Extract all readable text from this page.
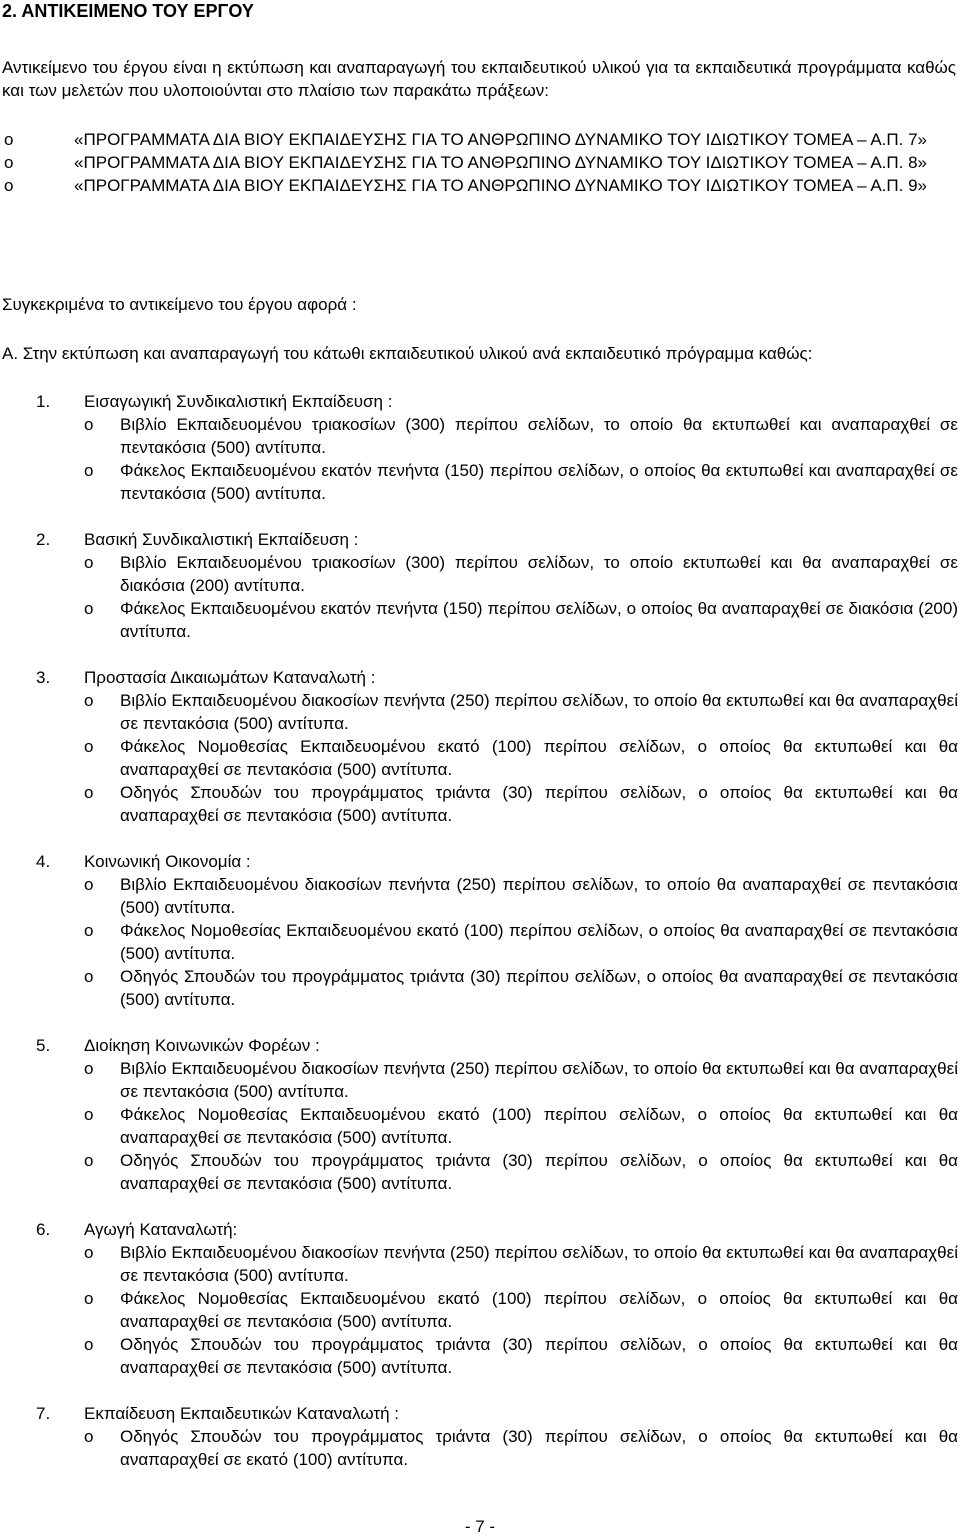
2. ΑΝΤΙΚΕΙΜΕΝΟ ΤΟΥ ΕΡΓΟΥ
Αντικείμενο του έργου είναι η εκτύπωση και αναπαραγωγή του εκπαιδευτικού υλικού για τα εκπαιδευτικά προγράμματα καθώς και των μελετών που υλοποιούνται στο πλαίσιο των παρακάτω πράξεων:
o	«ΠΡΟΓΡΑΜΜΑΤΑ ΔΙΑ ΒΙΟΥ ΕΚΠΑΙΔΕΥΣΗΣ ΓΙΑ ΤΟ ΑΝΘΡΩΠΙΝΟ ΔΥΝΑΜΙΚΟ ΤΟΥ ΙΔΙΩΤΙΚΟΥ ΤΟΜΕΑ – Α.Π. 7»
o	«ΠΡΟΓΡΑΜΜΑΤΑ ΔΙΑ ΒΙΟΥ ΕΚΠΑΙΔΕΥΣΗΣ ΓΙΑ ΤΟ ΑΝΘΡΩΠΙΝΟ ΔΥΝΑΜΙΚΟ ΤΟΥ ΙΔΙΩΤΙΚΟΥ ΤΟΜΕΑ – Α.Π. 8»
o	«ΠΡΟΓΡΑΜΜΑΤΑ ΔΙΑ ΒΙΟΥ ΕΚΠΑΙΔΕΥΣΗΣ ΓΙΑ ΤΟ ΑΝΘΡΩΠΙΝΟ ΔΥΝΑΜΙΚΟ ΤΟΥ ΙΔΙΩΤΙΚΟΥ ΤΟΜΕΑ – Α.Π. 9»
Συγκεκριμένα το αντικείμενο του έργου αφορά :
Α. Στην εκτύπωση και αναπαραγωγή του κάτωθι εκπαιδευτικού υλικού ανά εκπαιδευτικό πρόγραμμα καθώς:
1.	Εισαγωγική Συνδικαλιστική Εκπαίδευση :
o	Βιβλίο Εκπαιδευομένου τριακοσίων (300) περίπου σελίδων, το οποίο θα εκτυπωθεί και αναπαραχθεί σε πεντακόσια (500) αντίτυπα.
o	Φάκελος Εκπαιδευομένου εκατόν πενήντα (150) περίπου σελίδων, ο οποίος θα εκτυπωθεί και αναπαραχθεί σε πεντακόσια (500) αντίτυπα.
2.	Βασική Συνδικαλιστική Εκπαίδευση :
o	Βιβλίο Εκπαιδευομένου τριακοσίων (300) περίπου σελίδων, το οποίο εκτυπωθεί και θα αναπαραχθεί σε διακόσια (200) αντίτυπα.
o	Φάκελος Εκπαιδευομένου εκατόν πενήντα (150) περίπου σελίδων, ο οποίος θα αναπαραχθεί σε διακόσια (200) αντίτυπα.
3.	Προστασία Δικαιωμάτων Καταναλωτή :
o	Βιβλίο Εκπαιδευομένου διακοσίων πενήντα (250) περίπου σελίδων, το οποίο θα εκτυπωθεί και θα αναπαραχθεί σε πεντακόσια (500) αντίτυπα.
o	Φάκελος Νομοθεσίας Εκπαιδευομένου εκατό (100) περίπου σελίδων, ο οποίος θα εκτυπωθεί και θα αναπαραχθεί σε πεντακόσια (500) αντίτυπα.
o	Οδηγός Σπουδών του προγράμματος τριάντα (30) περίπου σελίδων, ο οποίος θα εκτυπωθεί και θα αναπαραχθεί σε πεντακόσια (500) αντίτυπα.
4.	Κοινωνική Οικονομία :
o	Βιβλίο Εκπαιδευομένου διακοσίων πενήντα (250) περίπου σελίδων, το οποίο θα αναπαραχθεί σε πεντακόσια (500) αντίτυπα.
o	Φάκελος Νομοθεσίας Εκπαιδευομένου εκατό (100) περίπου σελίδων, ο οποίος θα αναπαραχθεί σε πεντακόσια (500) αντίτυπα.
o	Οδηγός Σπουδών του προγράμματος τριάντα (30) περίπου σελίδων, ο οποίος θα αναπαραχθεί σε πεντακόσια (500) αντίτυπα.
5.	Διοίκηση Κοινωνικών Φορέων :
o	Βιβλίο Εκπαιδευομένου διακοσίων πενήντα (250) περίπου σελίδων, το οποίο θα εκτυπωθεί και θα αναπαραχθεί σε πεντακόσια (500) αντίτυπα.
o	Φάκελος Νομοθεσίας Εκπαιδευομένου εκατό (100) περίπου σελίδων, ο οποίος θα εκτυπωθεί και θα αναπαραχθεί σε πεντακόσια (500) αντίτυπα.
o	Οδηγός Σπουδών του προγράμματος τριάντα (30) περίπου σελίδων, ο οποίος θα εκτυπωθεί και θα αναπαραχθεί σε πεντακόσια (500) αντίτυπα.
6.	Αγωγή Καταναλωτή:
o	Βιβλίο Εκπαιδευομένου διακοσίων πενήντα (250) περίπου σελίδων, το οποίο θα εκτυπωθεί και θα αναπαραχθεί σε πεντακόσια (500) αντίτυπα.
o	Φάκελος Νομοθεσίας Εκπαιδευομένου εκατό (100) περίπου σελίδων, ο οποίος θα εκτυπωθεί και θα αναπαραχθεί σε πεντακόσια (500) αντίτυπα.
o	Οδηγός Σπουδών του προγράμματος τριάντα (30) περίπου σελίδων, ο οποίος θα εκτυπωθεί και θα αναπαραχθεί σε πεντακόσια (500) αντίτυπα.
7.	Εκπαίδευση Εκπαιδευτικών Καταναλωτή :
o	Οδηγός Σπουδών του προγράμματος τριάντα (30) περίπου σελίδων, ο οποίος θα εκτυπωθεί και θα αναπαραχθεί σε εκατό (100) αντίτυπα.
- 7 -
